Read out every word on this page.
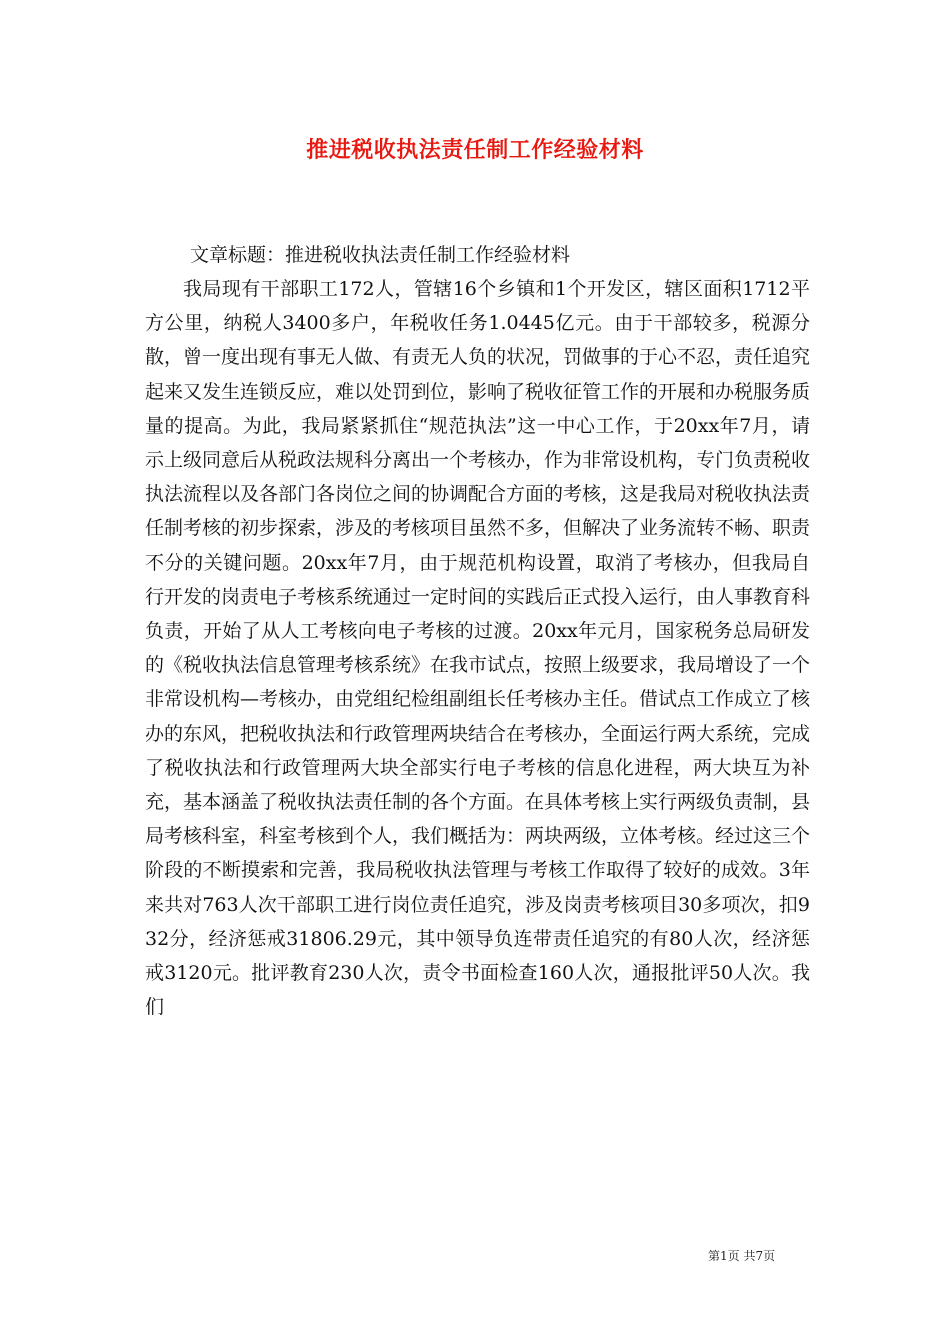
推进税收执法责任制工作经验材料

文章标题：推进税收执法责任制工作经验材料

我局现有干部职工172人，管辖16个乡镇和1个开发区，辖区面积1712平方公里，纳税人3400多户，年税收任务1.0445亿元。由于干部较多，税源分散，曾一度出现有事无人做、有责无人负的状况，罚做事的于心不忍，责任追究起来又发生连锁反应，难以处罚到位，影响了税收征管工作的开展和办税服务质量的提高。为此，我局紧紧抓住“规范执法”这一中心工作，于20xx年7月，请示上级同意后从税政法规科分离出一个考核办，作为非常设机构，专门负责税收执法流程以及各部门各岗位之间的协调配合方面的考核，这是我局对税收执法责任制考核的初步探索，涉及的考核项目虽然不多，但解决了业务流转不畅、职责不分的关键问题。20xx年7月，由于规范机构设置，取消了考核办，但我局自行开发的岗责电子考核系统通过一定时间的实践后正式投入运行，由人事教育科负责，开始了从人工考核向电子考核的过渡。20xx年元月，国家税务总局研发的《税收执法信息管理考核系统》在我市试点，按照上级要求，我局增设了一个非常设机构—考核办，由党组纪检组副组长任考核办主任。借试点工作成立了核办的东风，把税收执法和行政管理两块结合在考核办，全面运行两大系统，完成了税收执法和行政管理两大块全部实行电子考核的信息化进程，两大块互为补充，基本涵盖了税收执法责任制的各个方面。在具体考核上实行两级负责制，县局考核科室，科室考核到个人，我们概括为：两块两级，立体考核。经过这三个阶段的不断摸索和完善，我局税收执法管理与考核工作取得了较好的成效。3年来共对763人次干部职工进行岗位责任追究，涉及岗责考核项目30多项次，扣932分，经济惩戒31806.29元，其中领导负连带责任追究的有80人次，经济惩戒3120元。批评教育230人次，责令书面检查160人次，通报批评50人次。我们

第1页 共7页
